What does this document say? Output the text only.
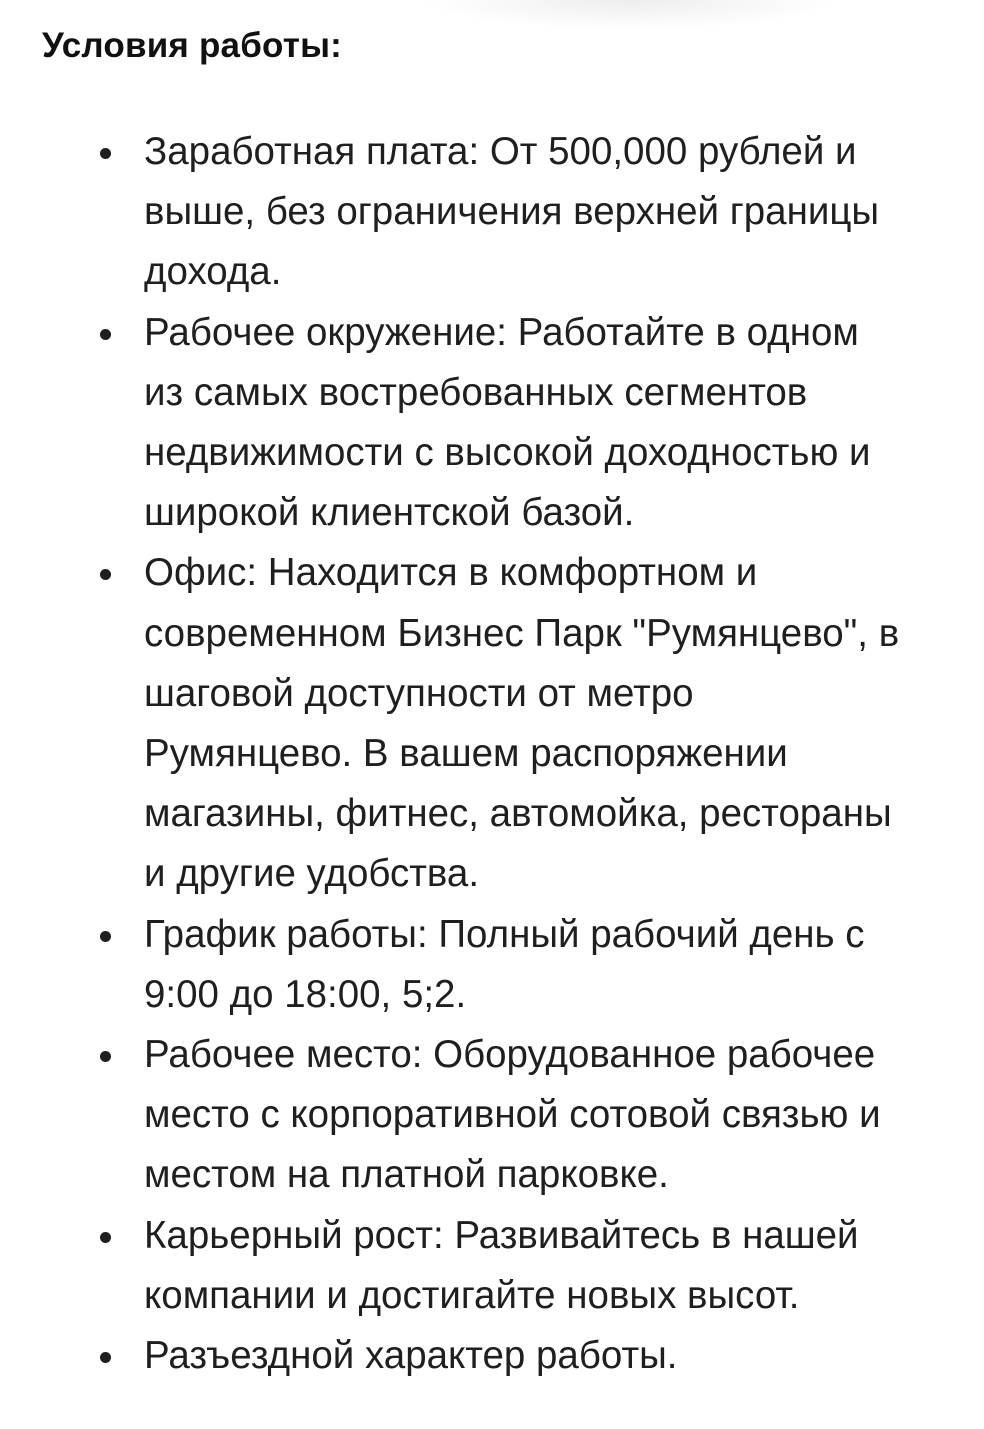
Условия работы:
Заработная плата: От 500,000 рублей и
выше, без ограничения верхней границы
дохода.
Рабочее окружение: Работайте в одном
из самых востребованных сегментов
недвижимости с высокой доходностью и
широкой клиентской базой.
Офис: Находится в комфортном и
современном Бизнес Парк "Румянцево", в
шаговой доступности от метро
Румянцево. В вашем распоряжении
магазины, фитнес, автомойка, рестораны
и другие удобства.
График работы: Полный рабочий день с
9:00 до 18:00, 5;2.
Рабочее место: Оборудованное рабочее
место с корпоративной сотовой связью и
местом на платной парковке.
Карьерный рост: Развивайтесь в нашей
компании и достигайте новых высот.
Разъездной характер работы.
